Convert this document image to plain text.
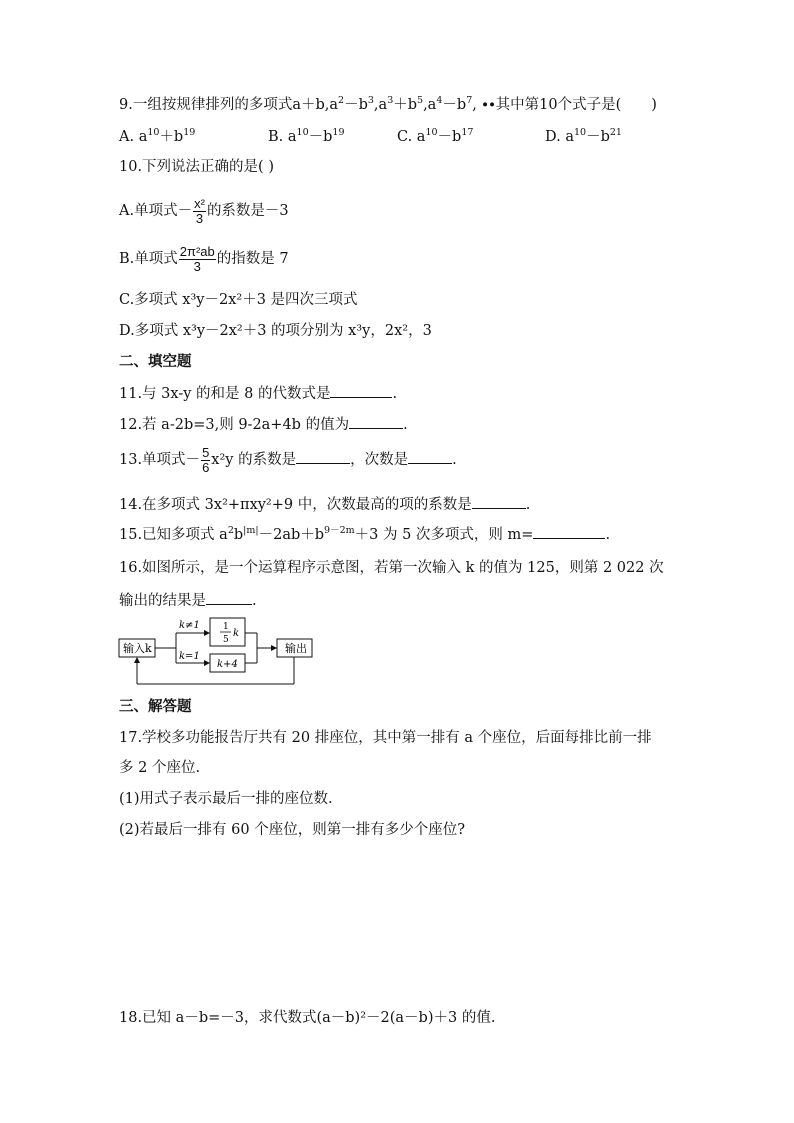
9.一组按规律排列的多项式$a+b,a^2-b^3,a^3+b^5,a^4-b^7$, ∙∙其中第10个式子是( )
A. $a^{10}+b^{19}$	B. $a^{10}-b^{19}$	C. $a^{10}-b^{17}$	D. $a^{10}-b^{21}$
10.下列说法正确的是( )
A.单项式－ $\frac{\text{x²}}{3}$ 的系数是－3
B.单项式 $\frac{\text{2π²ab}}{3}$ 的指数是 7
C.多项式 x³y－2x²＋3 是四次三项式
D.多项式 x³y－2x²＋3 的项分别为 x³y，2x²，3
二、填空题
11.与 3x-y 的和是 8 的代数式是	.
12.若 a-2b=3,则 9-2a+4b 的值为	.
13.单项式－ $\frac{5}{6} x^2y$ 的系数是	，次数是	.
14.在多项式 3x²+πxy²+9 中，次数最高的项的系数是	.
15.已知多项式 $a^2b^{|m|}-2ab+b^{9-2m}+3$ 为 5 次多项式，则 m=	.
16.如图所示，是一个运算程序示意图，若第一次输入 k 的值为 125，则第 2 022 次
输出的结果是	.
输入k
k≠1
k=1
1
5
k
k+4
输出
三、解答题
17.学校多功能报告厅共有 20 排座位，其中第一排有 a 个座位，后面每排比前一排
多 2 个座位.
(1)用式子表示最后一排的座位数.
(2)若最后一排有 60 个座位，则第一排有多少个座位?
18.已知 a－b=－3，求代数式(a－b)²－2(a－b)＋3 的值.
